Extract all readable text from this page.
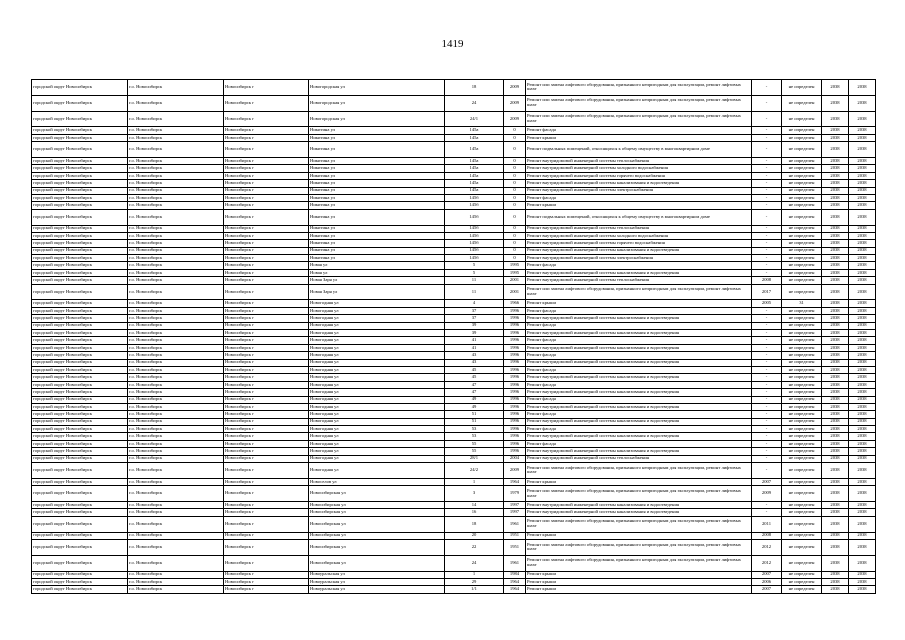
1419
городской округ Новосибирск	г.о. Новосибирск	Новосибирск г	Новогородская ул	18	2009	Ремонт или замена лифтового оборудования, признанного непригодным для эксплуатации, ремонт лифтовых шахт	-	не определен	2038	2038
городской округ Новосибирск	г.о. Новосибирск	Новосибирск г	Новогородская ул	24	2009	Ремонт или замена лифтового оборудования, признанного непригодным для эксплуатации, ремонт лифтовых шахт	-	не определен	2038	2038
городской округ Новосибирск	г.о. Новосибирск	Новосибирск г	Новогородская ул	24/1	2009	Ремонт или замена лифтового оборудования, признанного непригодным для эксплуатации, ремонт лифтовых шахт	-	не определен	2038	2038
городской округ Новосибирск	г.о. Новосибирск	Новосибирск г	Никитина ул	145а	0	Ремонт фасада	-	не определен	2038	2038
городской округ Новосибирск	г.о. Новосибирск	Новосибирск г	Никитина ул	145а	0	Ремонт крыши	-	не определен	2038	2038
городской округ Новосибирск	г.о. Новосибирск	Новосибирск г	Никитина ул	145а	0	Ремонт подвальных помещений, относящихся к общему имуществу в многоквартирном доме	-	не определен	2038	2038
городской округ Новосибирск	г.о. Новосибирск	Новосибирск г	Никитина ул	145а	0	Ремонт внутридомовой инженерной системы теплоснабжения	-	не определен	2038	2038
городской округ Новосибирск	г.о. Новосибирск	Новосибирск г	Никитина ул	145а	0	Ремонт внутридомовой инженерной системы холодного водоснабжения	-	не определен	2038	2038
городской округ Новосибирск	г.о. Новосибирск	Новосибирск г	Никитина ул	145а	0	Ремонт внутридомовой инженерной системы горячего водоснабжения	-	не определен	2038	2038
городской округ Новосибирск	г.о. Новосибирск	Новосибирск г	Никитина ул	145а	0	Ремонт внутридомовой инженерной системы канализования и водоотведения	-	не определен	2038	2038
городской округ Новосибирск	г.о. Новосибирск	Новосибирск г	Никитина ул	145а	0	Ремонт внутридомовой инженерной системы электроснабжения	-	не определен	2038	2038
городской округ Новосибирск	г.о. Новосибирск	Новосибирск г	Никитина ул	145б	0	Ремонт фасада	-	не определен	2038	2038
городской округ Новосибирск	г.о. Новосибирск	Новосибирск г	Никитина ул	145б	0	Ремонт крыши	-	не определен	2038	2038
городской округ Новосибирск	г.о. Новосибирск	Новосибирск г	Никитина ул	145б	0	Ремонт подвальных помещений, относящихся к общему имуществу в многоквартирном доме	-	не определен	2038	2038
городской округ Новосибирск	г.о. Новосибирск	Новосибирск г	Никитина ул	145б	0	Ремонт внутридомовой инженерной системы теплоснабжения	-	не определен	2038	2038
городской округ Новосибирск	г.о. Новосибирск	Новосибирск г	Никитина ул	145б	0	Ремонт внутридомовой инженерной системы холодного водоснабжения	-	не определен	2038	2038
городской округ Новосибирск	г.о. Новосибирск	Новосибирск г	Никитина ул	145б	0	Ремонт внутридомовой инженерной системы горячего водоснабжения	-	не определен	2038	2038
городской округ Новосибирск	г.о. Новосибирск	Новосибирск г	Никитина ул	145б	0	Ремонт внутридомовой инженерной системы канализования и водоотведения	-	не определен	2038	2038
городской округ Новосибирск	г.о. Новосибирск	Новосибирск г	Никитина ул	145б	0	Ремонт внутридомовой инженерной системы электроснабжения	-	не определен	2038	2038
городской округ Новосибирск	г.о. Новосибирск	Новосибирск г	Новая ул	5	1995	Ремонт фасада	-	не определен	2038	2038
городской округ Новосибирск	г.о. Новосибирск	Новосибирск г	Новая ул	5	1995	Ремонт внутридомовой инженерной системы канализования и водоотведения	-	не определен	2038	2038
городской округ Новосибирск	г.о. Новосибирск	Новосибирск г	Новая Заря ул	11	2001	Ремонт внутридомовой инженерной системы теплоснабжения	2008	не определен	2038	2038
городской округ Новосибирск	г.о. Новосибирск	Новосибирск г	Новая Заря ул	11	2001	Ремонт или замена лифтового оборудования, признанного непригодным для эксплуатации, ремонт лифтовых шахт	2017	не определен	2038	2038
городской округ Новосибирск	г.о. Новосибирск	Новосибирск г	Новогодняя ул	4	1966	Ремонт крыши	2005	31	2038	2038
городской округ Новосибирск	г.о. Новосибирск	Новосибирск г	Новогодняя ул	37	1996	Ремонт фасада	-	не определен	2038	2038
городской округ Новосибирск	г.о. Новосибирск	Новосибирск г	Новогодняя ул	37	1996	Ремонт внутридомовой инженерной системы канализования и водоотведения	-	не определен	2038	2038
городской округ Новосибирск	г.о. Новосибирск	Новосибирск г	Новогодняя ул	39	1996	Ремонт фасада	-	не определен	2038	2038
городской округ Новосибирск	г.о. Новосибирск	Новосибирск г	Новогодняя ул	39	1996	Ремонт внутридомовой инженерной системы канализования и водоотведения	-	не определен	2038	2038
городской округ Новосибирск	г.о. Новосибирск	Новосибирск г	Новогодняя ул	41	1996	Ремонт фасада	-	не определен	2038	2038
городской округ Новосибирск	г.о. Новосибирск	Новосибирск г	Новогодняя ул	41	1996	Ремонт внутридомовой инженерной системы канализования и водоотведения	-	не определен	2038	2038
городской округ Новосибирск	г.о. Новосибирск	Новосибирск г	Новогодняя ул	43	1996	Ремонт фасада	-	не определен	2038	2038
городской округ Новосибирск	г.о. Новосибирск	Новосибирск г	Новогодняя ул	43	1996	Ремонт внутридомовой инженерной системы канализования и водоотведения	-	не определен	2038	2038
городской округ Новосибирск	г.о. Новосибирск	Новосибирск г	Новогодняя ул	45	1996	Ремонт фасада	-	не определен	2038	2038
городской округ Новосибирск	г.о. Новосибирск	Новосибирск г	Новогодняя ул	45	1996	Ремонт внутридомовой инженерной системы канализования и водоотведения	-	не определен	2038	2038
городской округ Новосибирск	г.о. Новосибирск	Новосибирск г	Новогодняя ул	47	1996	Ремонт фасада	-	не определен	2038	2038
городской округ Новосибирск	г.о. Новосибирск	Новосибирск г	Новогодняя ул	47	1996	Ремонт внутридомовой инженерной системы канализования и водоотведения	-	не определен	2038	2038
городской округ Новосибирск	г.о. Новосибирск	Новосибирск г	Новогодняя ул	49	1996	Ремонт фасада	-	не определен	2038	2038
городской округ Новосибирск	г.о. Новосибирск	Новосибирск г	Новогодняя ул	49	1996	Ремонт внутридомовой инженерной системы канализования и водоотведения	-	не определен	2038	2038
городской округ Новосибирск	г.о. Новосибирск	Новосибирск г	Новогодняя ул	51	1996	Ремонт фасада	-	не определен	2038	2038
городской округ Новосибирск	г.о. Новосибирск	Новосибирск г	Новогодняя ул	51	1996	Ремонт внутридомовой инженерной системы канализования и водоотведения	-	не определен	2038	2038
городской округ Новосибирск	г.о. Новосибирск	Новосибирск г	Новогодняя ул	53	1996	Ремонт фасада	-	не определен	2038	2038
городской округ Новосибирск	г.о. Новосибирск	Новосибирск г	Новогодняя ул	53	1996	Ремонт внутридомовой инженерной системы канализования и водоотведения	-	не определен	2038	2038
городской округ Новосибирск	г.о. Новосибирск	Новосибирск г	Новогодняя ул	55	1996	Ремонт фасада	-	не определен	2038	2038
городской округ Новосибирск	г.о. Новосибирск	Новосибирск г	Новогодняя ул	55	1996	Ремонт внутридомовой инженерной системы канализования и водоотведения	-	не определен	2038	2038
городской округ Новосибирск	г.о. Новосибирск	Новосибирск г	Новогодняя ул	28/1	2004	Ремонт внутридомовой инженерной системы теплоснабжения	-	не определен	2038	2038
городской округ Новосибирск	г.о. Новосибирск	Новосибирск г	Новогодняя ул	24/2	2009	Ремонт или замена лифтового оборудования, признанного непригодным для эксплуатации, ремонт лифтовых шахт	-	не определен	2038	2038
городской округ Новосибирск	г.о. Новосибирск	Новосибирск г	Новоселов ул	1	1964	Ремонт крыши	2007	не определен	2038	2038
городской округ Новосибирск	г.о. Новосибирск	Новосибирск г	Новосибирская ул	3	1979	Ремонт или замена лифтового оборудования, признанного непригодным для эксплуатации, ремонт лифтовых шахт	2009	не определен	2038	2038
городской округ Новосибирск	г.о. Новосибирск	Новосибирск г	Новосибирская ул	14	1997	Ремонт внутридомовой инженерной системы канализования и водоотведения	-	не определен	2038	2038
городской округ Новосибирск	г.о. Новосибирск	Новосибирск г	Новосибирская ул	16	1997	Ремонт внутридомовой инженерной системы канализования и водоотведения	-	не определен	2038	2038
городской округ Новосибирск	г.о. Новосибирск	Новосибирск г	Новосибирская ул	18	1961	Ремонт или замена лифтового оборудования, признанного непригодным для эксплуатации, ремонт лифтовых шахт	2011	не определен	2038	2038
городской округ Новосибирск	г.о. Новосибирск	Новосибирск г	Новосибирская ул	20	1951	Ремонт крыши	2008	не определен	2038	2038
городской округ Новосибирск	г.о. Новосибирск	Новосибирск г	Новосибирская ул	22	1951	Ремонт или замена лифтового оборудования, признанного непригодным для эксплуатации, ремонт лифтовых шахт	2012	не определен	2038	2038
городской округ Новосибирск	г.о. Новосибирск	Новосибирск г	Новосибирская ул	24	1961	Ремонт или замена лифтового оборудования, признанного непригодным для эксплуатации, ремонт лифтовых шахт	2012	не определен	2038	2038
городской округ Новосибирск	г.о. Новосибирск	Новосибирск г	Новоуральская ул	1	1984	Ремонт крыши	2007	не определен	2038	2038
городской округ Новосибирск	г.о. Новосибирск	Новосибирск г	Новоуральская ул	29	1964	Ремонт крыши	2006	не определен	2038	2038
городской округ Новосибирск	г.о. Новосибирск	Новосибирск г	Новоуральская ул	1/1	1964	Ремонт крыши	2007	не определен	2038	2038
